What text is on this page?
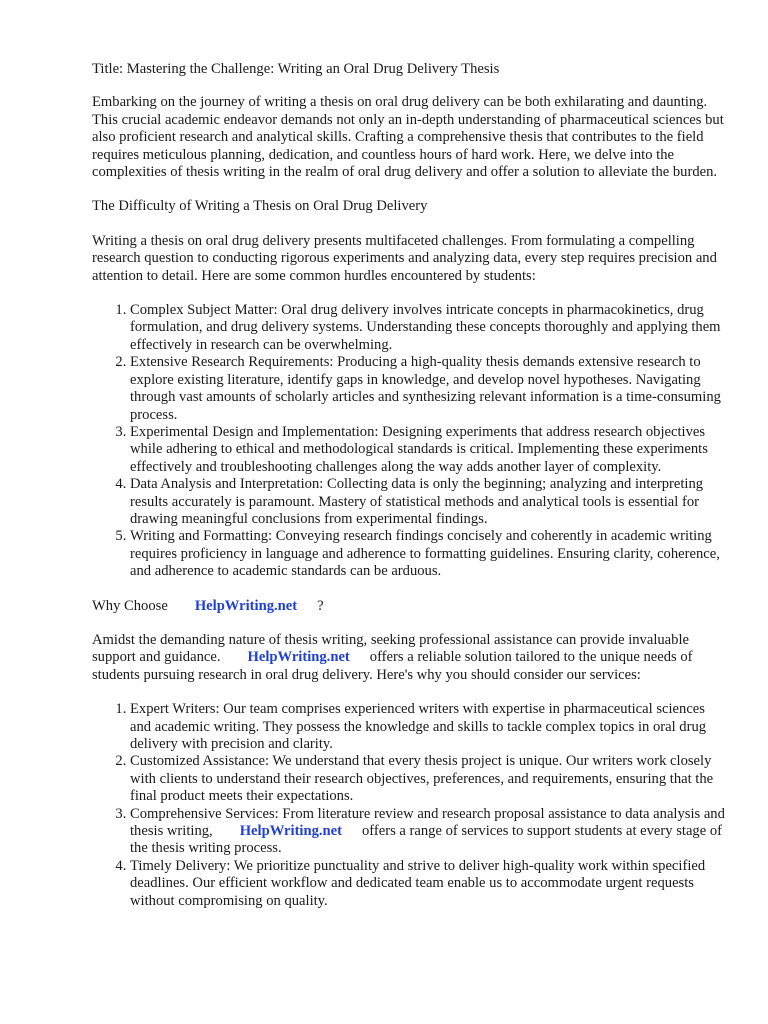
Title: Mastering the Challenge: Writing an Oral Drug Delivery Thesis

Embarking on the journey of writing a thesis on oral drug delivery can be both exhilarating and daunting. This crucial academic endeavor demands not only an in-depth understanding of pharmaceutical sciences but also proficient research and analytical skills. Crafting a comprehensive thesis that contributes to the field requires meticulous planning, dedication, and countless hours of hard work. Here, we delve into the complexities of thesis writing in the realm of oral drug delivery and offer a solution to alleviate the burden.

The Difficulty of Writing a Thesis on Oral Drug Delivery

Writing a thesis on oral drug delivery presents multifaceted challenges. From formulating a compelling research question to conducting rigorous experiments and analyzing data, every step requires precision and attention to detail. Here are some common hurdles encountered by students:

1. Complex Subject Matter: Oral drug delivery involves intricate concepts in pharmacokinetics, drug formulation, and drug delivery systems. Understanding these concepts thoroughly and applying them effectively in research can be overwhelming.
2. Extensive Research Requirements: Producing a high-quality thesis demands extensive research to explore existing literature, identify gaps in knowledge, and develop novel hypotheses. Navigating through vast amounts of scholarly articles and synthesizing relevant information is a time-consuming process.
3. Experimental Design and Implementation: Designing experiments that address research objectives while adhering to ethical and methodological standards is critical. Implementing these experiments effectively and troubleshooting challenges along the way adds another layer of complexity.
4. Data Analysis and Interpretation: Collecting data is only the beginning; analyzing and interpreting results accurately is paramount. Mastery of statistical methods and analytical tools is essential for drawing meaningful conclusions from experimental findings.
5. Writing and Formatting: Conveying research findings concisely and coherently in academic writing requires proficiency in language and adherence to formatting guidelines. Ensuring clarity, coherence, and adherence to academic standards can be arduous.

Why Choose HelpWriting.net ?

Amidst the demanding nature of thesis writing, seeking professional assistance can provide invaluable support and guidance. HelpWriting.net offers a reliable solution tailored to the unique needs of students pursuing research in oral drug delivery. Here's why you should consider our services:

1. Expert Writers: Our team comprises experienced writers with expertise in pharmaceutical sciences and academic writing. They possess the knowledge and skills to tackle complex topics in oral drug delivery with precision and clarity.
2. Customized Assistance: We understand that every thesis project is unique. Our writers work closely with clients to understand their research objectives, preferences, and requirements, ensuring that the final product meets their expectations.
3. Comprehensive Services: From literature review and research proposal assistance to data analysis and thesis writing, HelpWriting.net offers a range of services to support students at every stage of the thesis writing process.
4. Timely Delivery: We prioritize punctuality and strive to deliver high-quality work within specified deadlines. Our efficient workflow and dedicated team enable us to accommodate urgent requests without compromising on quality.
